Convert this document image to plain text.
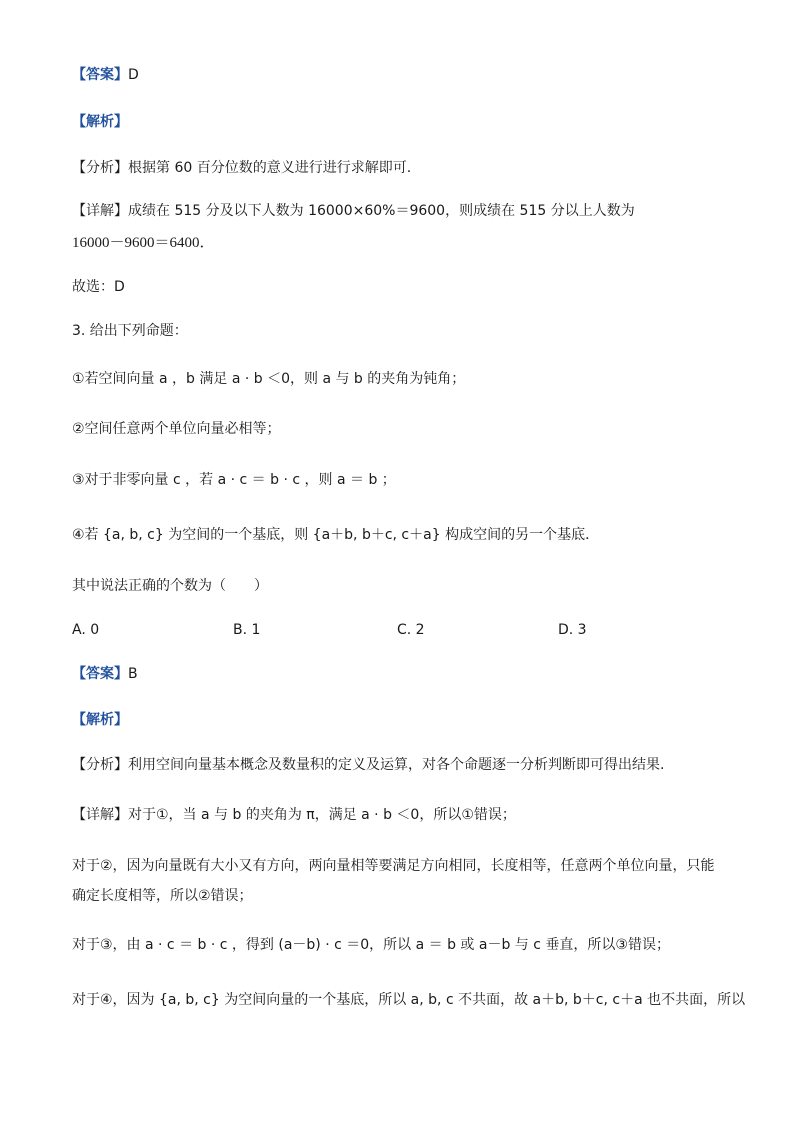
【答案】D
【解析】
【分析】根据第 60 百分位数的意义进行进行求解即可.
【详解】成绩在 515 分及以下人数为 16000×60%＝9600，则成绩在 515 分以上人数为
16000－9600＝6400．
故选：D
3. 给出下列命题：
①若空间向量 a ，b 满足 a · b ＜0，则 a 与 b 的夹角为钝角；
②空间任意两个单位向量必相等；
③对于非零向量 c ，若 a · c ＝ b · c ，则 a ＝ b ；
④若 {a, b, c} 为空间的一个基底，则 {a＋b, b＋c, c＋a} 构成空间的另一个基底．
其中说法正确的个数为（　　）
A. 0	B. 1	C. 2	D. 3
【答案】B
【解析】
【分析】利用空间向量基本概念及数量积的定义及运算，对各个命题逐一分析判断即可得出结果.
【详解】对于①，当 a 与 b 的夹角为 π，满足 a · b ＜0，所以①错误；
对于②，因为向量既有大小又有方向，两向量相等要满足方向相同，长度相等，任意两个单位向量，只能
确定长度相等，所以②错误；
对于③，由 a · c ＝ b · c ，得到 (a－b) · c ＝0，所以 a ＝ b 或 a－b 与 c 垂直，所以③错误；
对于④，因为 {a, b, c} 为空间向量的一个基底，所以 a, b, c 不共面，故 a＋b, b＋c, c＋a 也不共面，所以
